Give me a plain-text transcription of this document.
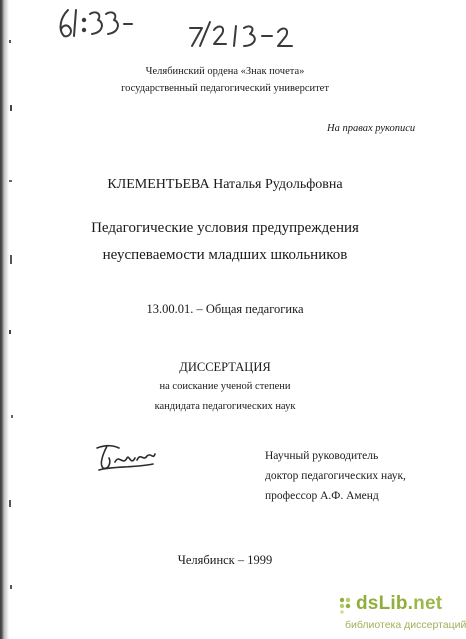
Челябинский ордена «Знак почета»
государственный педагогический университет
На правах рукописи
КЛЕМЕНТЬЕВА Наталья Рудольфовна
Педагогические условия предупреждения
неуспеваемости младших школьников
13.00.01. – Общая педагогика
ДИССЕРТАЦИЯ
на соискание ученой степени
кандидата педагогических наук
Научный руководитель
доктор педагогических наук,
профессор А.Ф. Аменд
Челябинск – 1999
dsLib.net
библиотека диссертаций
